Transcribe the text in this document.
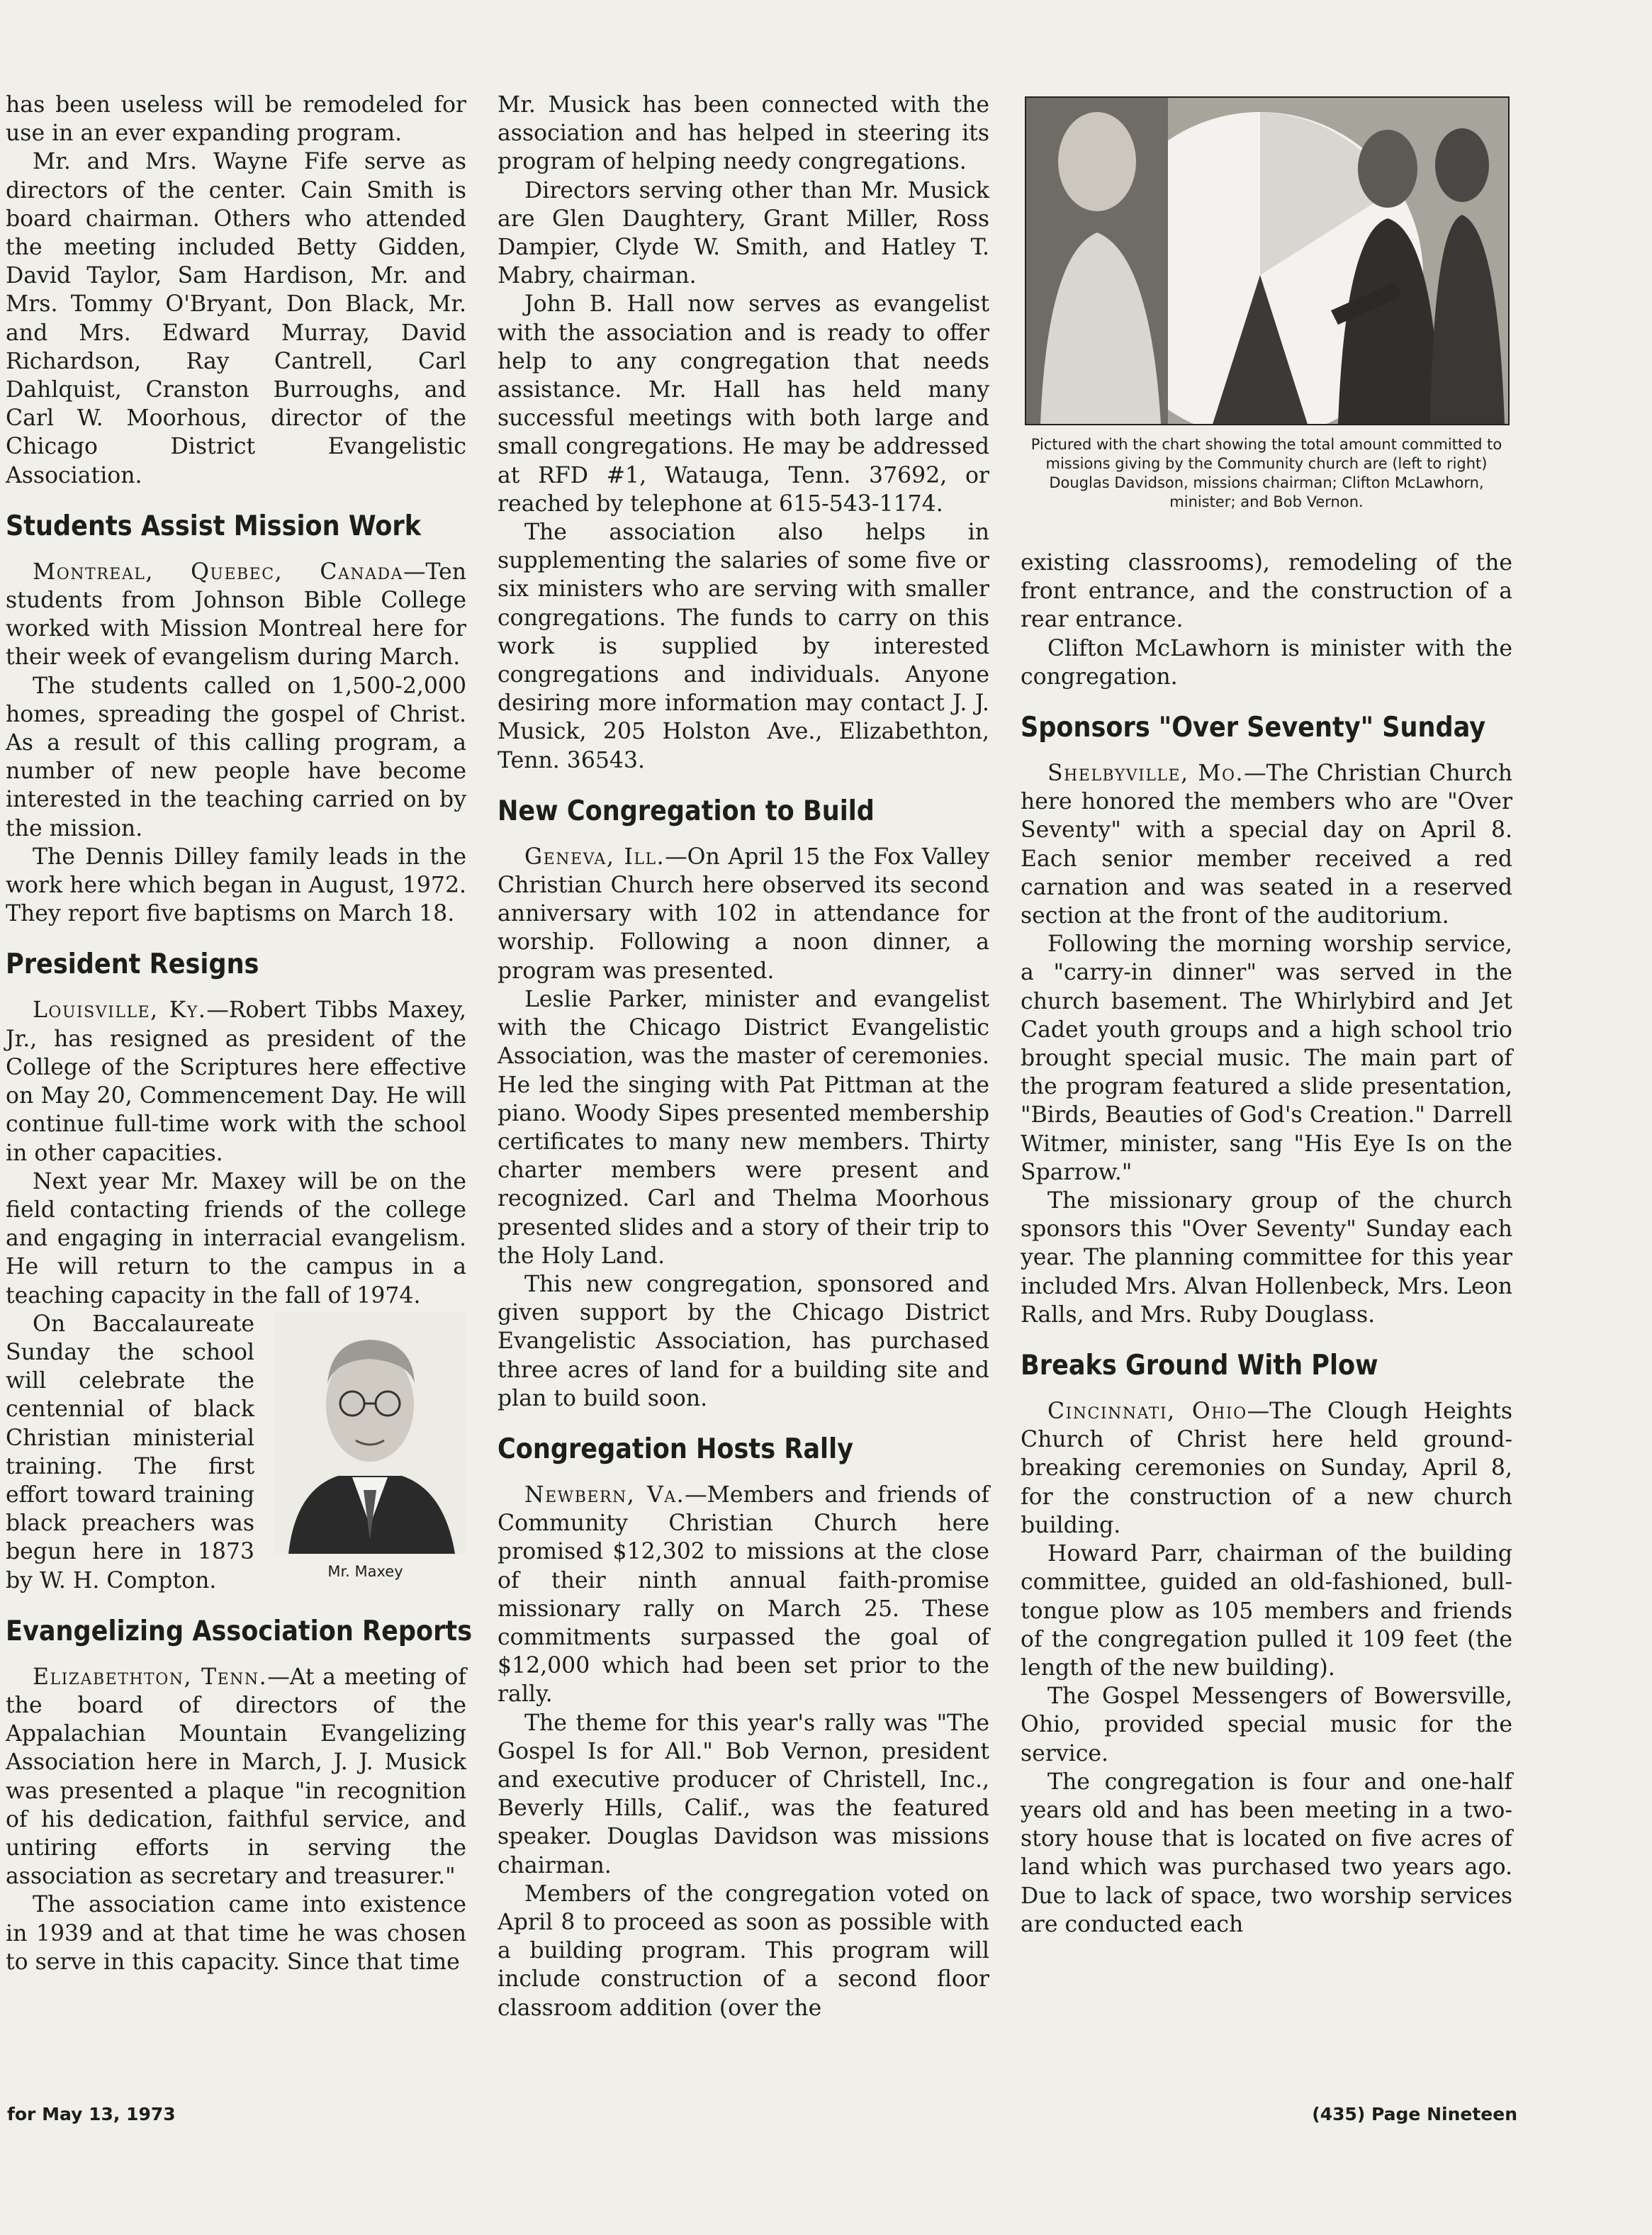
has been useless will be remodeled for use in an ever expanding program.

Mr. and Mrs. Wayne Fife serve as directors of the center. Cain Smith is board chairman. Others who attended the meeting included Betty Gidden, David Taylor, Sam Hardison, Mr. and Mrs. Tommy O'Bryant, Don Black, Mr. and Mrs. Edward Murray, David Richardson, Ray Cantrell, Carl Dahlquist, Cranston Burroughs, and Carl W. Moorhous, director of the Chicago District Evangelistic Association.

Students Assist Mission Work

Montreal, Quebec, Canada—Ten students from Johnson Bible College worked with Mission Montreal here for their week of evangelism during March.

The students called on 1,500-2,000 homes, spreading the gospel of Christ. As a result of this calling program, a number of new people have become interested in the teaching carried on by the mission.

The Dennis Dilley family leads in the work here which began in August, 1972. They report five baptisms on March 18.

President Resigns

Louisville, Ky.—Robert Tibbs Maxey, Jr., has resigned as president of the College of the Scriptures here effective on May 20, Commencement Day. He will continue full-time work with the school in other capacities.

Next year Mr. Maxey will be on the field contacting friends of the college and engaging in interracial evangelism. He will return to the campus in a teaching capacity in the fall of 1974.

Mr. Maxey

On Baccalaureate Sunday the school will celebrate the centennial of black Christian ministerial training. The first effort toward training black preachers was begun here in 1873 by W. H. Compton.

Evangelizing Association Reports

Elizabethton, Tenn.—At a meeting of the board of directors of the Appalachian Mountain Evangelizing Association here in March, J. J. Musick was presented a plaque "in recognition of his dedication, faithful service, and untiring efforts in serving the association as secretary and treasurer."

The association came into existence in 1939 and at that time he was chosen to serve in this capacity. Since that time

Mr. Musick has been connected with the association and has helped in steering its program of helping needy congregations.

Directors serving other than Mr. Musick are Glen Daughtery, Grant Miller, Ross Dampier, Clyde W. Smith, and Hatley T. Mabry, chairman.

John B. Hall now serves as evangelist with the association and is ready to offer help to any congregation that needs assistance. Mr. Hall has held many successful meetings with both large and small congregations. He may be addressed at RFD #1, Watauga, Tenn. 37692, or reached by telephone at 615-543-1174.

The association also helps in supplementing the salaries of some five or six ministers who are serving with smaller congregations. The funds to carry on this work is supplied by interested congregations and individuals. Anyone desiring more information may contact J. J. Musick, 205 Holston Ave., Elizabethton, Tenn. 36543.

New Congregation to Build

Geneva, Ill.—On April 15 the Fox Valley Christian Church here observed its second anniversary with 102 in attendance for worship. Following a noon dinner, a program was presented.

Leslie Parker, minister and evangelist with the Chicago District Evangelistic Association, was the master of ceremonies. He led the singing with Pat Pittman at the piano. Woody Sipes presented membership certificates to many new members. Thirty charter members were present and recognized. Carl and Thelma Moorhous presented slides and a story of their trip to the Holy Land.

This new congregation, sponsored and given support by the Chicago District Evangelistic Association, has purchased three acres of land for a building site and plan to build soon.

Congregation Hosts Rally

Newbern, Va.—Members and friends of Community Christian Church here promised $12,302 to missions at the close of their ninth annual faith-promise missionary rally on March 25. These commitments surpassed the goal of $12,000 which had been set prior to the rally.

The theme for this year's rally was "The Gospel Is for All." Bob Vernon, president and executive producer of Christell, Inc., Beverly Hills, Calif., was the featured speaker. Douglas Davidson was missions chairman.

Members of the congregation voted on April 8 to proceed as soon as possible with a building program. This program will include construction of a second floor classroom addition (over the

Pictured with the chart showing the total amount committed to missions giving by the Community church are (left to right) Douglas Davidson, missions chairman; Clifton McLawhorn, minister; and Bob Vernon.

existing classrooms), remodeling of the front entrance, and the construction of a rear entrance.

Clifton McLawhorn is minister with the congregation.

Sponsors "Over Seventy" Sunday

Shelbyville, Mo.—The Christian Church here honored the members who are "Over Seventy" with a special day on April 8. Each senior member received a red carnation and was seated in a reserved section at the front of the auditorium.

Following the morning worship service, a "carry-in dinner" was served in the church basement. The Whirlybird and Jet Cadet youth groups and a high school trio brought special music. The main part of the program featured a slide presentation, "Birds, Beauties of God's Creation." Darrell Witmer, minister, sang "His Eye Is on the Sparrow."

The missionary group of the church sponsors this "Over Seventy" Sunday each year. The planning committee for this year included Mrs. Alvan Hollenbeck, Mrs. Leon Ralls, and Mrs. Ruby Douglass.

Breaks Ground With Plow

Cincinnati, Ohio—The Clough Heights Church of Christ here held ground-breaking ceremonies on Sunday, April 8, for the construction of a new church building.

Howard Parr, chairman of the building committee, guided an old-fashioned, bull-tongue plow as 105 members and friends of the congregation pulled it 109 feet (the length of the new building).

The Gospel Messengers of Bowersville, Ohio, provided special music for the service.

The congregation is four and one-half years old and has been meeting in a two-story house that is located on five acres of land which was purchased two years ago. Due to lack of space, two worship services are conducted each

for May 13, 1973	(435) Page Nineteen
